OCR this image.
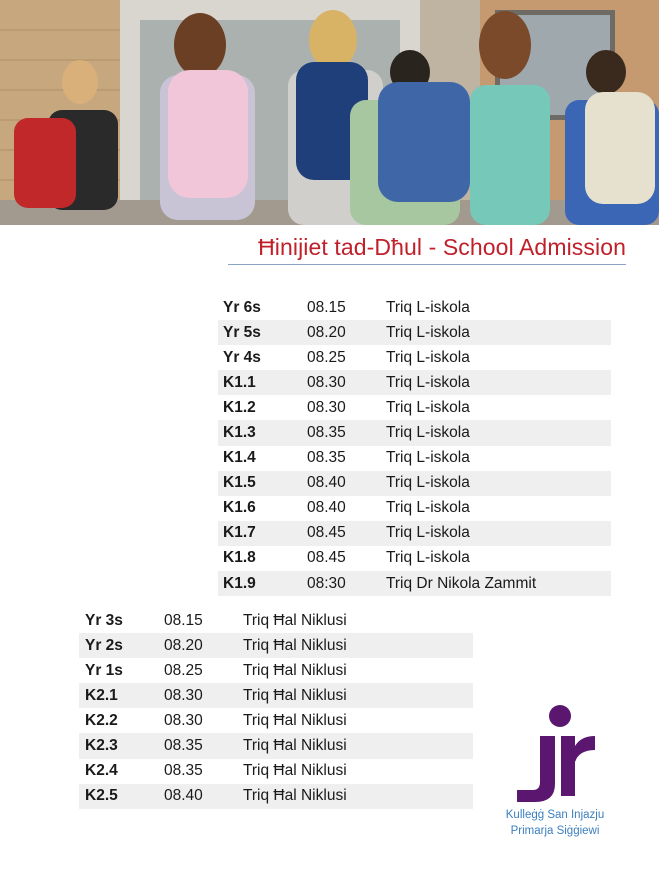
Ħinijiet tad-Dħul - School Admission
Yr 6s	08.15	Triq L-iskola
Yr 5s	08.20	Triq L-iskola
Yr 4s	08.25	Triq L-iskola
K1.1	08.30	Triq L-iskola
K1.2	08.30	Triq L-iskola
K1.3	08.35	Triq L-iskola
K1.4	08.35	Triq L-iskola
K1.5	08.40	Triq L-iskola
K1.6	08.40	Triq L-iskola
K1.7	08.45	Triq L-iskola
K1.8	08.45	Triq L-iskola
K1.9	08:30	Triq Dr Nikola Zammit
Yr 3s	08.15	Triq Ħal Niklusi
Yr 2s	08.20	Triq Ħal Niklusi
Yr 1s	08.25	Triq Ħal Niklusi
K2.1	08.30	Triq Ħal Niklusi
K2.2	08.30	Triq Ħal Niklusi
K2.3	08.35	Triq Ħal Niklusi
K2.4	08.35	Triq Ħal Niklusi
K2.5	08.40	Triq Ħal Niklusi
Kulleġġ San Injazju
Primarja Siġġiewi
